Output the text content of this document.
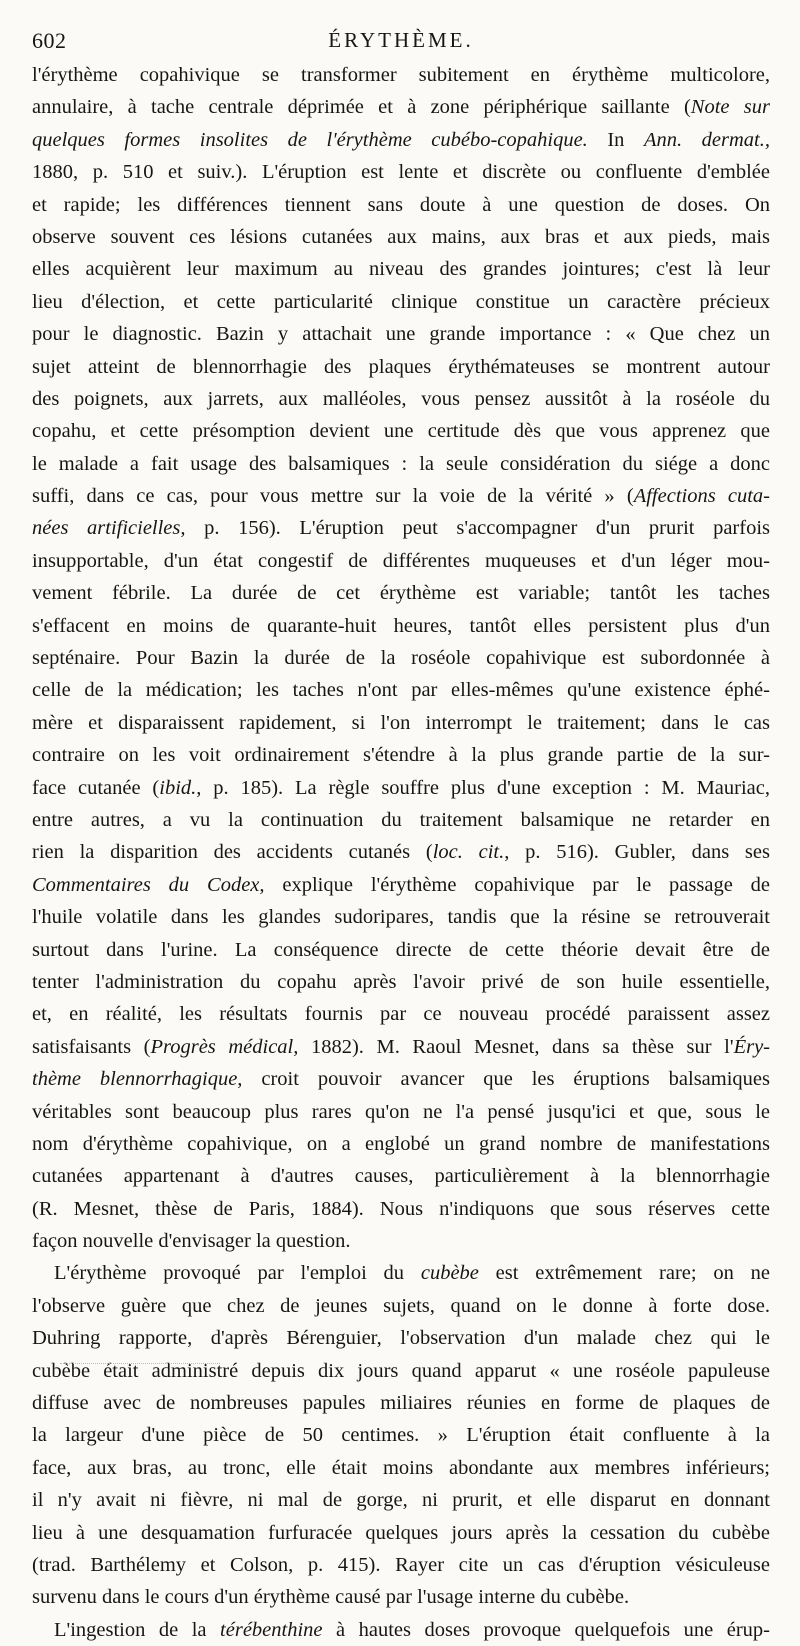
602	ÉRYTHÈME.
l'érythème copahivique se transformer subitement en érythème multicolore,
annulaire, à tache centrale déprimée et à zone périphérique saillante (Note sur
quelques formes insolites de l'érythème cubébo-copahique. In Ann. dermat.,
1880, p. 510 et suiv.). L'éruption est lente et discrète ou confluente d'emblée
et rapide; les différences tiennent sans doute à une question de doses. On
observe souvent ces lésions cutanées aux mains, aux bras et aux pieds, mais
elles acquièrent leur maximum au niveau des grandes jointures; c'est là leur
lieu d'élection, et cette particularité clinique constitue un caractère précieux
pour le diagnostic. Bazin y attachait une grande importance : « Que chez un
sujet atteint de blennorrhagie des plaques érythémateuses se montrent autour
des poignets, aux jarrets, aux malléoles, vous pensez aussitôt à la roséole du
copahu, et cette présomption devient une certitude dès que vous apprenez que
le malade a fait usage des balsamiques : la seule considération du siége a donc
suffi, dans ce cas, pour vous mettre sur la voie de la vérité » (Affections cuta-
nées artificielles, p. 156). L'éruption peut s'accompagner d'un prurit parfois
insupportable, d'un état congestif de différentes muqueuses et d'un léger mou-
vement fébrile. La durée de cet érythème est variable; tantôt les taches
s'effacent en moins de quarante-huit heures, tantôt elles persistent plus d'un
septénaire. Pour Bazin la durée de la roséole copahivique est subordonnée à
celle de la médication; les taches n'ont par elles-mêmes qu'une existence éphé-
mère et disparaissent rapidement, si l'on interrompt le traitement; dans le cas
contraire on les voit ordinairement s'étendre à la plus grande partie de la sur-
face cutanée (ibid., p. 185). La règle souffre plus d'une exception : M. Mauriac,
entre autres, a vu la continuation du traitement balsamique ne retarder en
rien la disparition des accidents cutanés (loc. cit., p. 516). Gubler, dans ses
Commentaires du Codex, explique l'érythème copahivique par le passage de
l'huile volatile dans les glandes sudoripares, tandis que la résine se retrouverait
surtout dans l'urine. La conséquence directe de cette théorie devait être de
tenter l'administration du copahu après l'avoir privé de son huile essentielle,
et, en réalité, les résultats fournis par ce nouveau procédé paraissent assez
satisfaisants (Progrès médical, 1882). M. Raoul Mesnet, dans sa thèse sur l'Éry-
thème blennorrhagique, croit pouvoir avancer que les éruptions balsamiques
véritables sont beaucoup plus rares qu'on ne l'a pensé jusqu'ici et que, sous le
nom d'érythème copahivique, on a englobé un grand nombre de manifestations
cutanées appartenant à d'autres causes, particulièrement à la blennorrhagie
(R. Mesnet, thèse de Paris, 1884). Nous n'indiquons que sous réserves cette
façon nouvelle d'envisager la question.
L'érythème provoqué par l'emploi du cubèbe est extrêmement rare; on ne
l'observe guère que chez de jeunes sujets, quand on le donne à forte dose.
Duhring rapporte, d'après Bérenguier, l'observation d'un malade chez qui le
cubèbe était administré depuis dix jours quand apparut « une roséole papuleuse
diffuse avec de nombreuses papules miliaires réunies en forme de plaques de
la largeur d'une pièce de 50 centimes. » L'éruption était confluente à la
face, aux bras, au tronc, elle était moins abondante aux membres inférieurs;
il n'y avait ni fièvre, ni mal de gorge, ni prurit, et elle disparut en donnant
lieu à une desquamation furfuracée quelques jours après la cessation du cubèbe
(trad. Barthélemy et Colson, p. 415). Rayer cite un cas d'éruption vésiculeuse
survenu dans le cours d'un érythème causé par l'usage interne du cubèbe.
L'ingestion de la térébenthine à hautes doses provoque quelquefois une érup-
